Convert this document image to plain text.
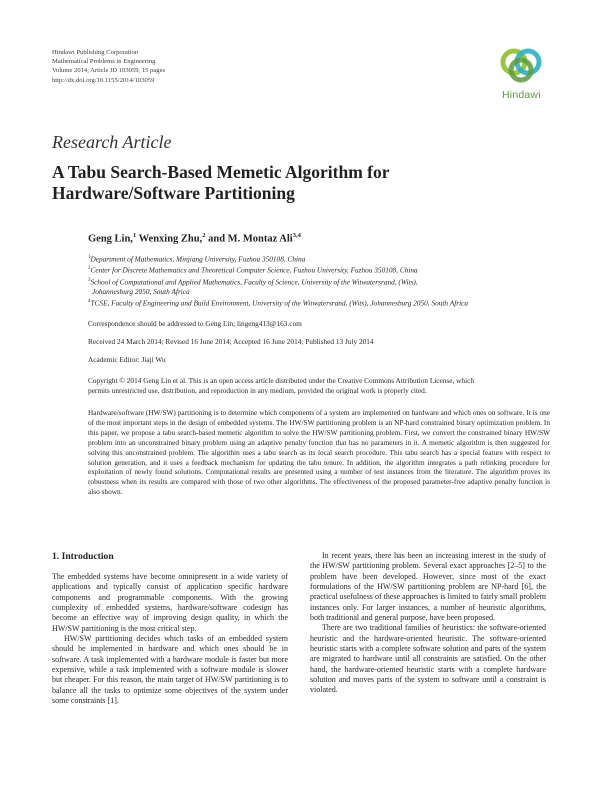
Hindawi Publishing Corporation
Mathematical Problems in Engineering
Volume 2014, Article ID 103059, 15 pages
http://dx.doi.org/10.1155/2014/103059
Hindawi
Research Article
A Tabu Search-Based Memetic Algorithm for
Hardware/Software Partitioning
Geng Lin,$^1$ Wenxing Zhu,$^2$ and M. Montaz Ali$^{3,4}$
$^1$Department of Mathematics, Minjiang University, Fuzhou 350108, China
$^2$Center for Discrete Mathematics and Theoretical Computer Science, Fuzhou University, Fuzhou 350108, China
$^3$School of Computational and Applied Mathematics, Faculty of Science, University of the Witwatersrand, (Wits),
Johannesburg 2050, South Africa
$^4$TCSE, Faculty of Engineering and Build Environment, University of the Witwatersrand, (Wits), Johannesburg 2050, South Africa
Correspondence should be addressed to Geng Lin; lingeng413@163.com
Received 24 March 2014; Revised 16 June 2014; Accepted 16 June 2014; Published 13 July 2014
Academic Editor: Jiaji Wu
Copyright © 2014 Geng Lin et al. This is an open access article distributed under the Creative Commons Attribution License, which
permits unrestricted use, distribution, and reproduction in any medium, provided the original work is properly cited.
Hardware/software (HW/SW) partitioning is to determine which components of a system are implemented on hardware and which ones on software. It is one of the most important steps in the design of embedded systems. The HW/SW partitioning problem is an NP-hard constrained binary optimization problem. In this paper, we propose a tabu search-based memetic algorithm to solve the HW/SW partitioning problem. First, we convert the constrained binary HW/SW problem into an unconstrained binary problem using an adaptive penalty function that has no parameters in it. A memetic algorithm is then suggested for solving this unconstrained problem. The algorithm uses a tabu search as its local search procedure. This tabu search has a special feature with respect to solution generation, and it uses a feedback mechanism for updating the tabu tenure. In addition, the algorithm integrates a path relinking procedure for exploitation of newly found solutions. Computational results are presented using a number of test instances from the literature. The algorithm proves its robustness when its results are compared with those of two other algorithms. The effectiveness of the proposed parameter-free adaptive penalty function is also shown.
1. Introduction

The embedded systems have become omnipresent in a wide variety of applications and typically consist of application specific hardware components and programmable components. With the growing complexity of embedded systems, hardware/software codesign has become an effective way of improving design quality, in which the HW/SW partitioning is the most critical step.

HW/SW partitioning decides which tasks of an embedded system should be implemented in hardware and which ones should be in software. A task implemented with a hardware module is faster but more expensive, while a task implemented with a software module is slower but cheaper. For this reason, the main target of HW/SW partitioning is to balance all the tasks to optimize some objectives of the system under some constraints [1].

In recent years, there has been an increasing interest in the study of the HW/SW partitioning problem. Several exact approaches [2–5] to the problem have been developed. However, since most of the exact formulations of the HW/SW partitioning problem are NP-hard [6], the practical usefulness of these approaches is limited to fairly small problem instances only. For larger instances, a number of heuristic algorithms, both traditional and general purpose, have been proposed.

There are two traditional families of heuristics: the software-oriented heuristic and the hardware-oriented heuristic. The software-oriented heuristic starts with a complete software solution and parts of the system are migrated to hardware until all constraints are satisfied. On the other hand, the hardware-oriented heuristic starts with a complete hardware solution and moves parts of the system to software until a constraint is violated.
